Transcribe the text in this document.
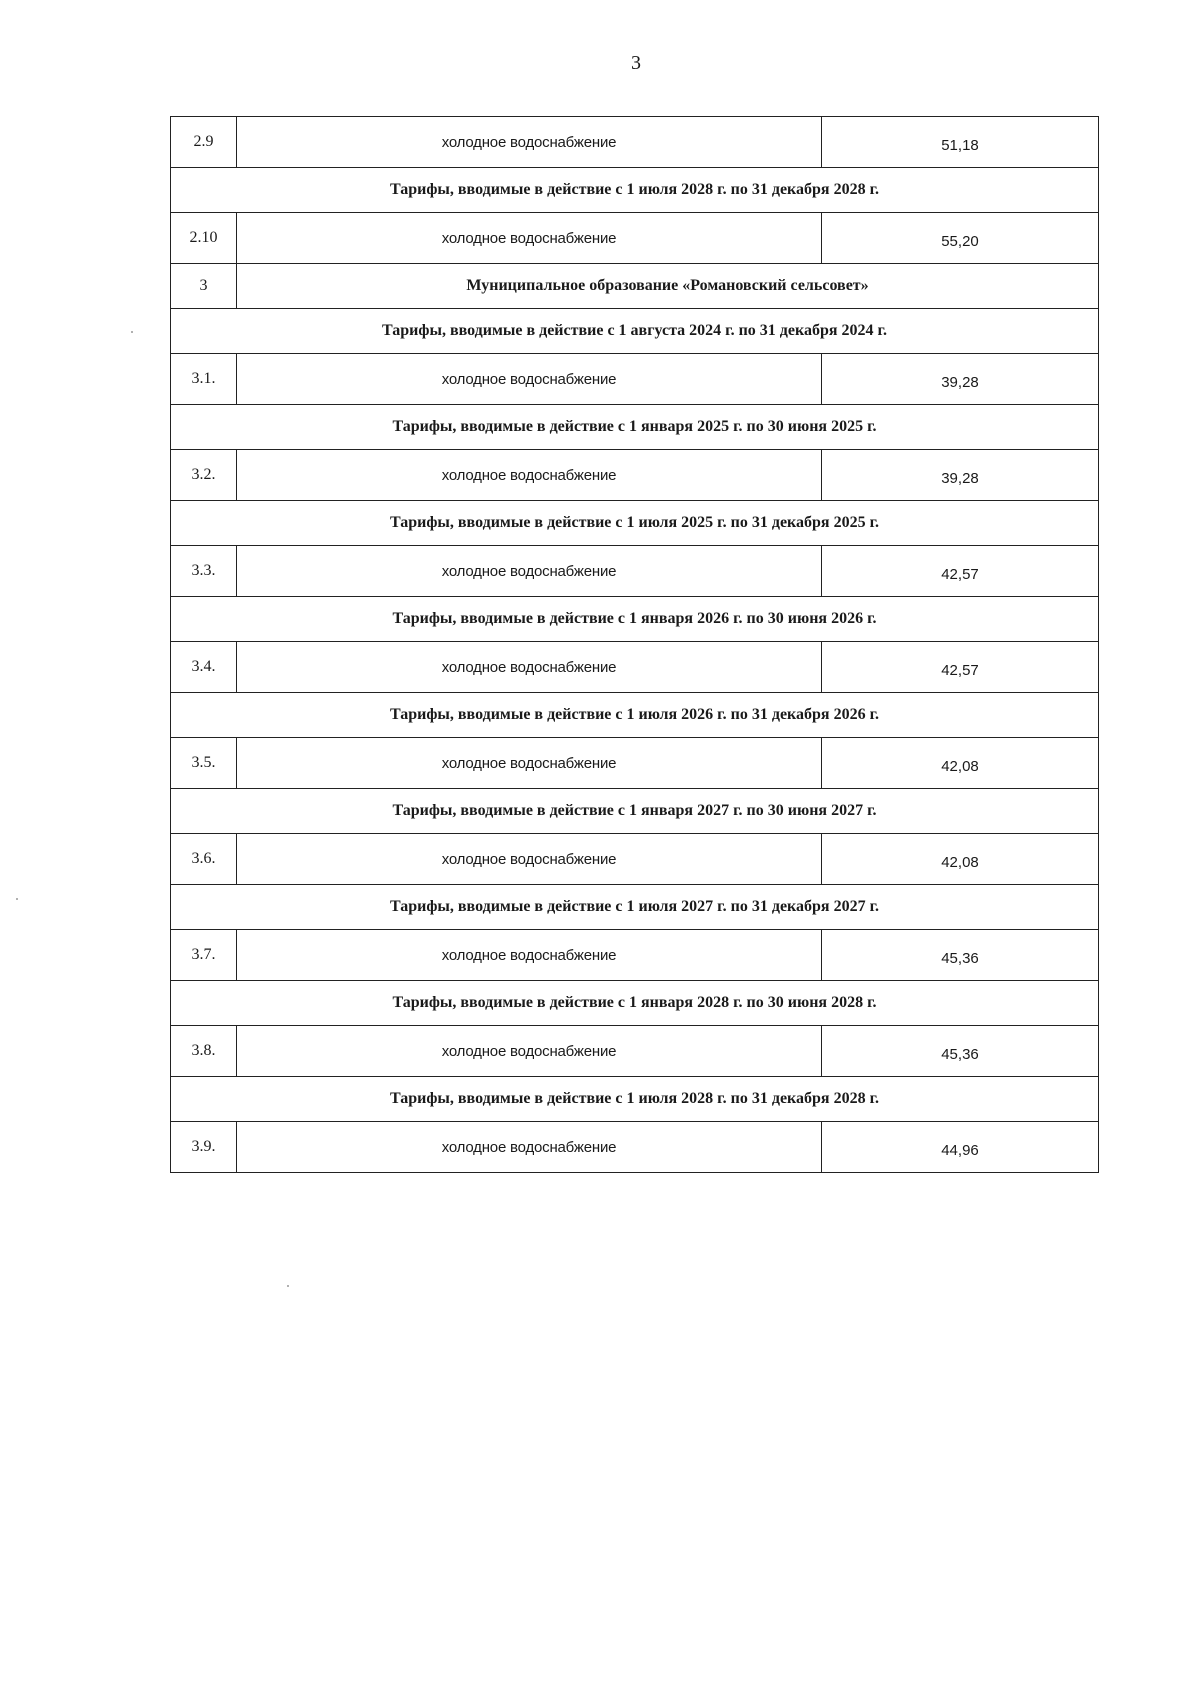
3
2.9	холодное водоснабжение	51,18
Тарифы, вводимые в действие с 1 июля 2028 г. по 31 декабря 2028 г.		
2.10	холодное водоснабжение	55,20
3	Муниципальное образование «Романовский сельсовет»	
Тарифы, вводимые в действие с 1 августа 2024 г. по 31 декабря 2024 г.		
3.1.	холодное водоснабжение	39,28
Тарифы, вводимые в действие с 1 января 2025 г. по 30 июня 2025 г.		
3.2.	холодное водоснабжение	39,28
Тарифы, вводимые в действие с 1 июля 2025 г. по 31 декабря 2025 г.		
3.3.	холодное водоснабжение	42,57
Тарифы, вводимые в действие с 1 января 2026 г. по 30 июня 2026 г.		
3.4.	холодное водоснабжение	42,57
Тарифы, вводимые в действие с 1 июля 2026 г. по 31 декабря 2026 г.		
3.5.	холодное водоснабжение	42,08
Тарифы, вводимые в действие с 1 января 2027 г. по 30 июня 2027 г.		
3.6.	холодное водоснабжение	42,08
Тарифы, вводимые в действие с 1 июля 2027 г. по 31 декабря 2027 г.		
3.7.	холодное водоснабжение	45,36
Тарифы, вводимые в действие с 1 января 2028 г. по 30 июня 2028 г.		
3.8.	холодное водоснабжение	45,36
Тарифы, вводимые в действие с 1 июля 2028 г. по 31 декабря 2028 г.		
3.9.	холодное водоснабжение	44,96
